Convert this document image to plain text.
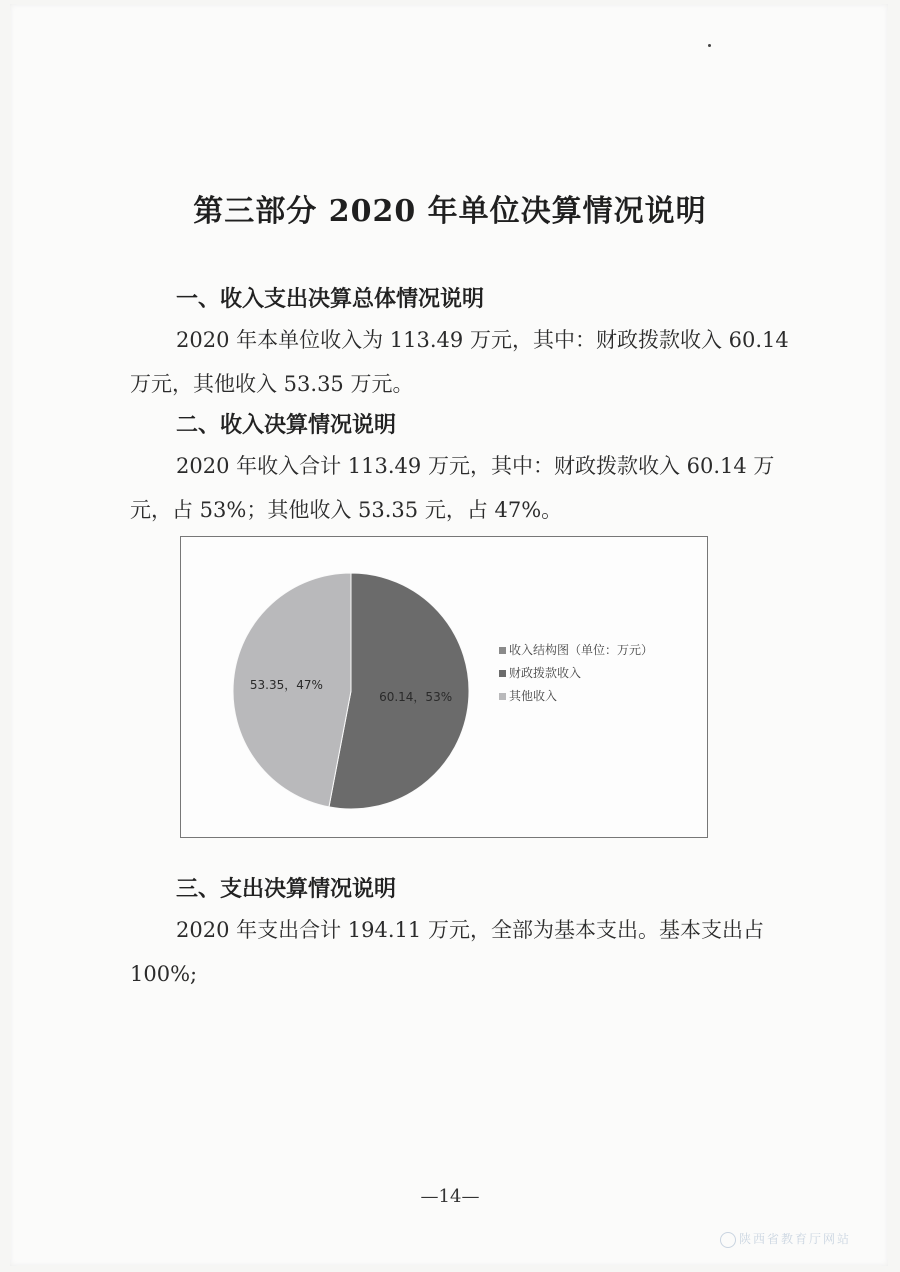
第三部分 2020 年单位决算情况说明
一、收入支出决算总体情况说明
2020 年本单位收入为 113.49 万元，其中：财政拨款收入 60.14 万元，其他收入 53.35 万元。
二、收入决算情况说明
2020 年收入合计 113.49 万元，其中：财政拨款收入 60.14 万元，占 53%；其他收入 53.35 元，占 47%。
60.14，53%
53.35，47%
收入结构图（单位：万元）
财政拨款收入
其他收入
三、支出决算情况说明
2020 年支出合计 194.11 万元，全部为基本支出。基本支出占 100%;
—14—
陕西省教育厅网站
